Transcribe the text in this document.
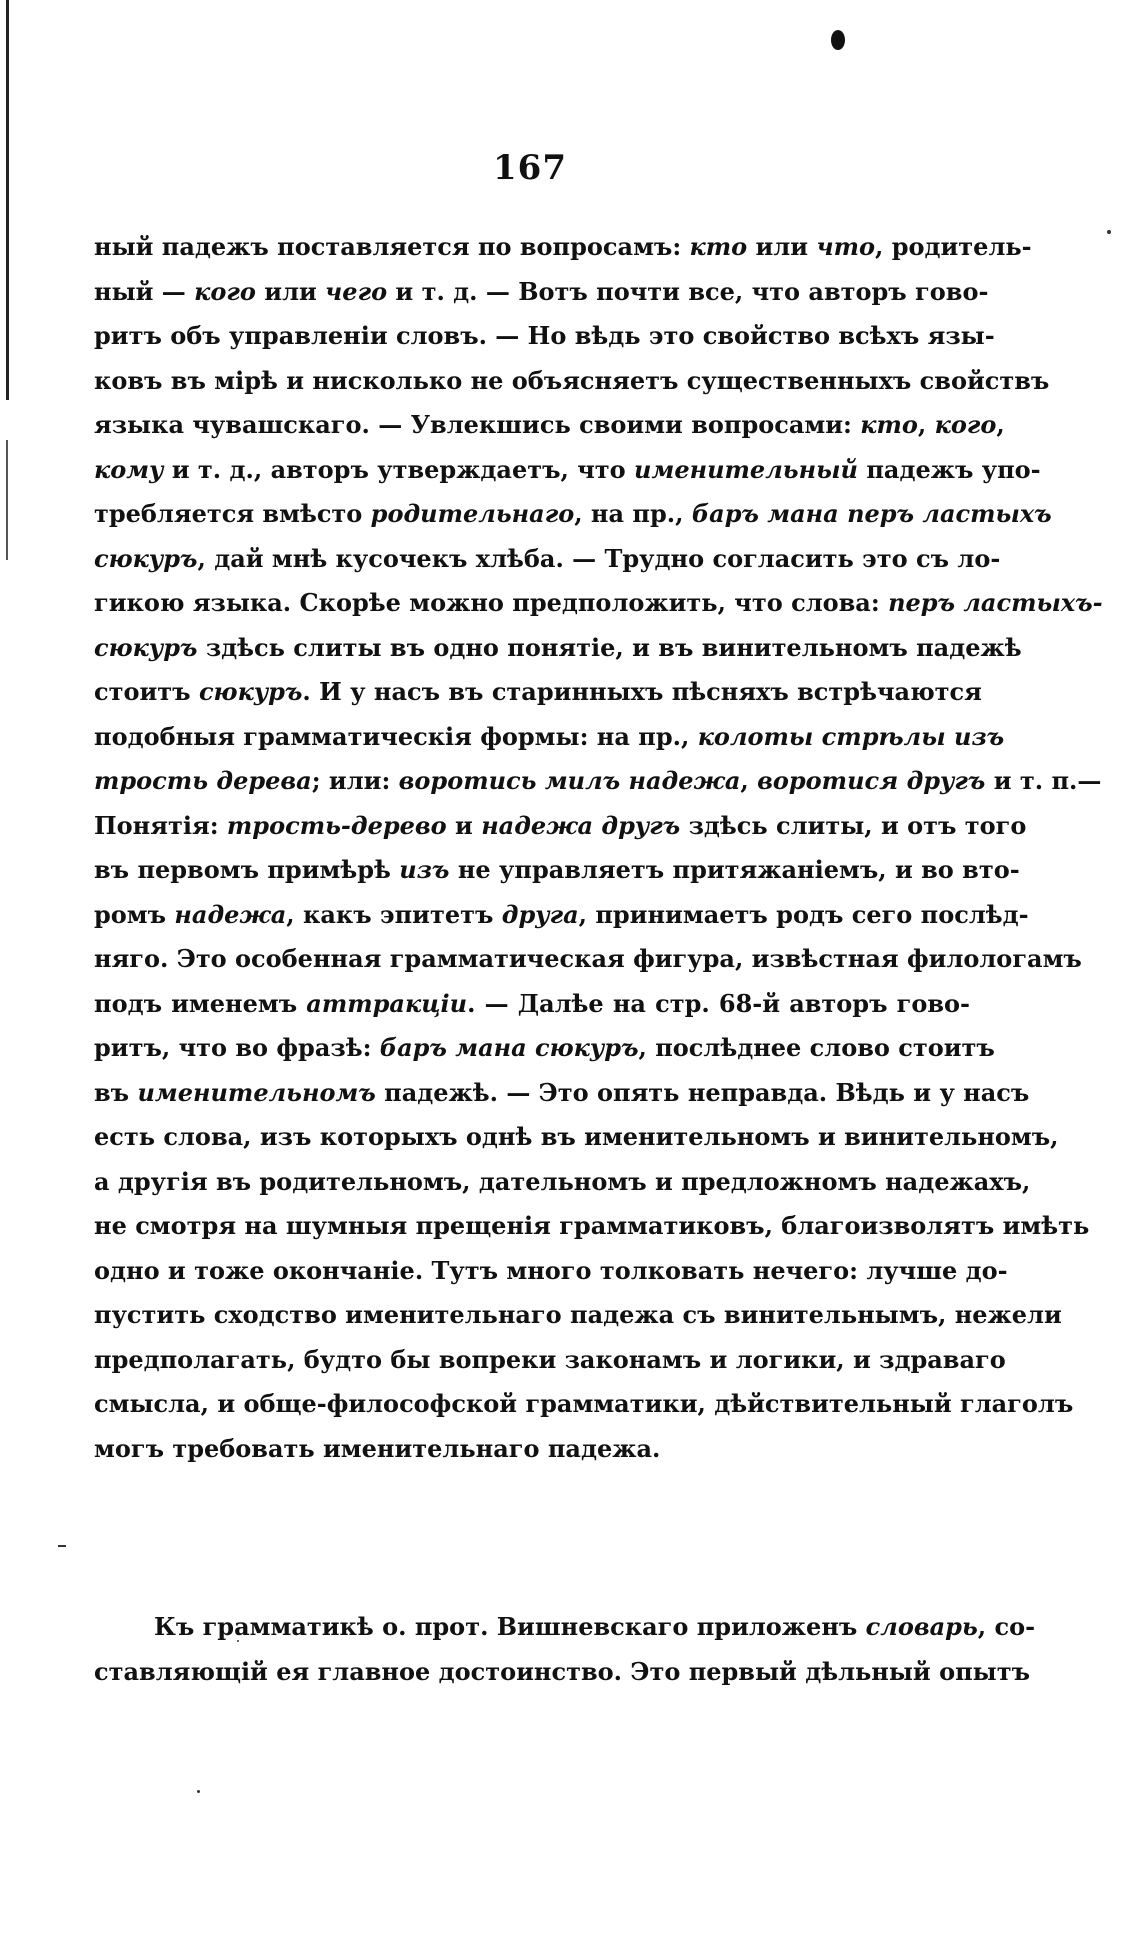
167
ный падежъ поставляется по вопросамъ: кто или что, родитель-
ный — кого или чего и т. д. — Вотъ почти все, что авторъ гово-
ритъ объ управленіи словъ. — Но вѣдь это свойство всѣхъ язы-
ковъ въ мірѣ и нисколько не объясняетъ существенныхъ свойствъ
языка чувашскаго. — Увлекшись своими вопросами: кто, кого,
кому и т. д., авторъ утверждаетъ, что именительный падежъ упо-
требляется вмѣсто родительнаго, на пр., баръ мана перъ ластыхъ
сюкуръ, дай мнѣ кусочекъ хлѣба. — Трудно согласить это съ ло-
гикою языка. Скорѣе можно предположить, что слова: перъ ластыхъ-
сюкуръ здѣсь слиты въ одно понятіе, и въ винительномъ падежѣ
стоитъ сюкуръ. И у насъ въ старинныхъ пѣсняхъ встрѣчаются
подобныя грамматическія формы: на пр., колоты стрѣлы изъ
трость дерева; или: воротись милъ надежа, воротися другъ и т. п.—
Понятія: трость-дерево и надежа другъ здѣсь слиты, и отъ того
въ первомъ примѣрѣ изъ не управляетъ притяжаніемъ, и во вто-
ромъ надежа, какъ эпитетъ друга, принимаетъ родъ сего послѣд-
няго. Это особенная грамматическая фигура, извѣстная филологамъ
подъ именемъ аттракціи. — Далѣе на стр. 68-й авторъ гово-
ритъ, что во фразѣ: баръ мана сюкуръ, послѣднее слово стоитъ
въ именительномъ падежѣ. — Это опять неправда. Вѣдь и у насъ
есть слова, изъ которыхъ однѣ въ именительномъ и винительномъ,
а другія въ родительномъ, дательномъ и предложномъ надежахъ,
не смотря на шумныя прещенія грамматиковъ, благоизволятъ имѣть
одно и тоже окончаніе. Тутъ много толковать нечего: лучше до-
пустить сходство именительнаго падежа съ винительнымъ, нежели
предполагать, будто бы вопреки законамъ и логики, и здраваго
смысла, и обще-философской грамматики, дѣйствительный глаголъ
могъ требовать именительнаго падежа.
Къ грамматикѣ о. прот. Вишневскаго приложенъ словарь, со-
ставляющій ея главное достоинство. Это первый дѣльный опытъ
